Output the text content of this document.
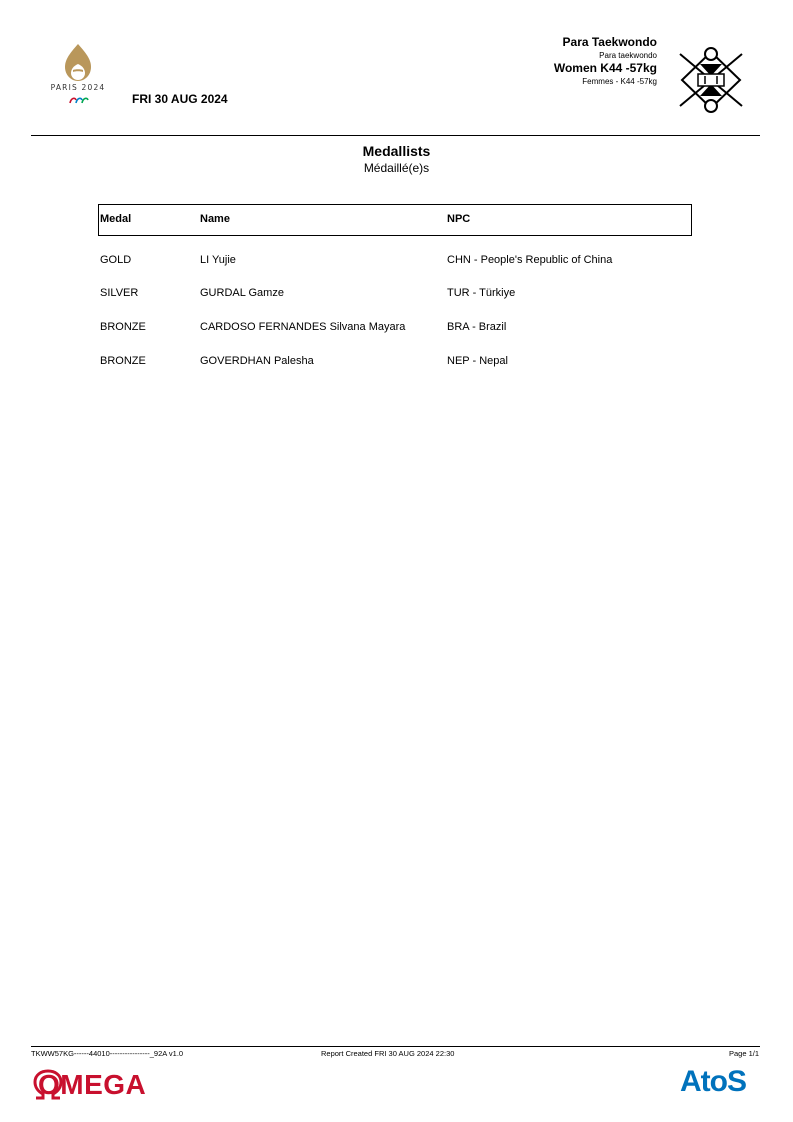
PARIS 2024
FRI 30 AUG 2024
Para Taekwondo
Para taekwondo
Women K44 -57kg
Femmes - K44 -57kg
Medallists
Médaillé(e)s
Medal	Name	NPC
GOLD	LI Yujie	CHN - People's Republic of China
SILVER	GURDAL Gamze	TUR - Türkiye
BRONZE	CARDOSO FERNANDES Silvana Mayara	BRA - Brazil
BRONZE	GOVERDHAN Palesha	NEP - Nepal
TKWW57KG------44010----------------_92A v1.0	Report Created FRI 30 AUG 2024 22:30	Page 1/1
OMEGA	AtoS
